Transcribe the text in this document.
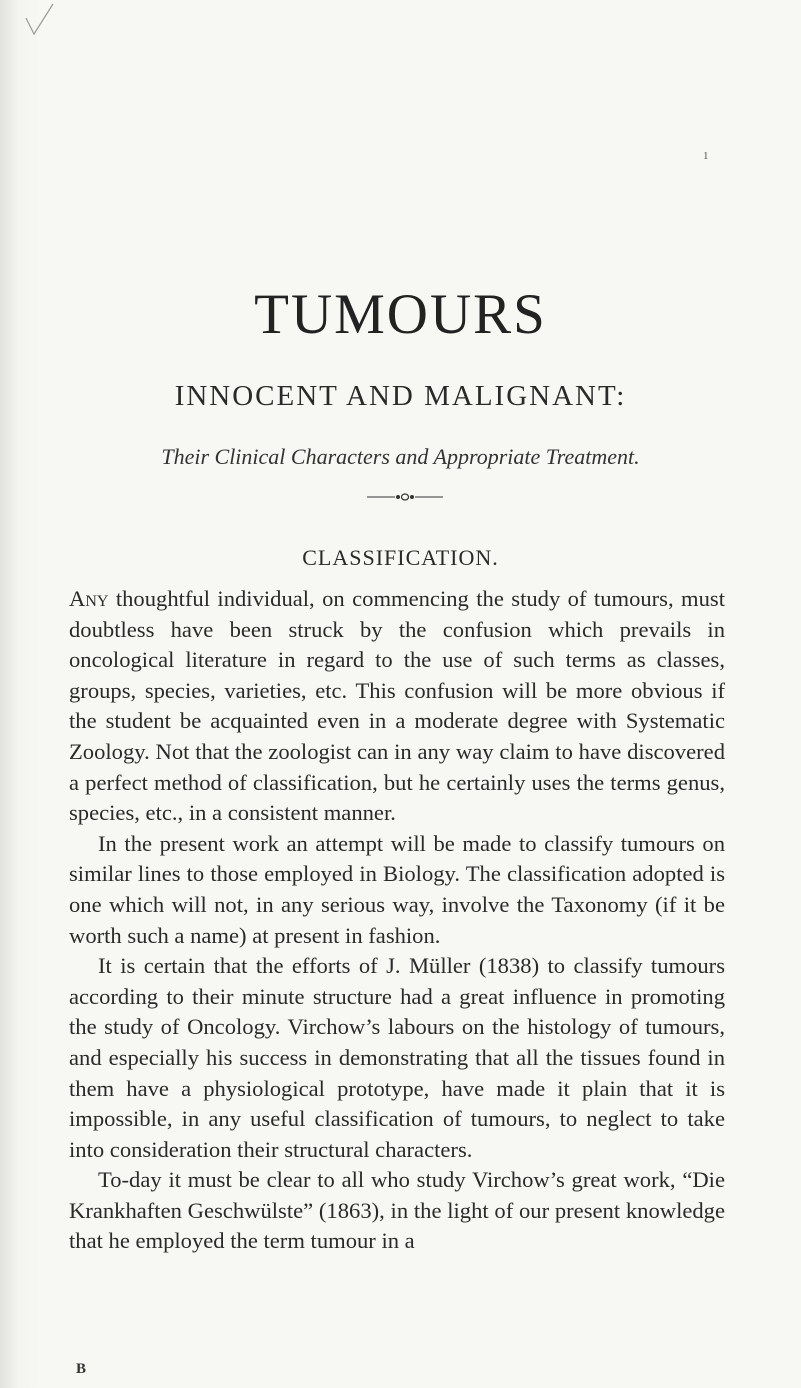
1
TUMOURS
INNOCENT AND MALIGNANT:
Their Clinical Characters and Appropriate Treatment.
CLASSIFICATION.

Any thoughtful individual, on commencing the study of tumours, must doubtless have been struck by the confusion which prevails in oncological literature in regard to the use of such terms as classes, groups, species, varieties, etc. This confusion will be more obvious if the student be acquainted even in a moderate degree with Systematic Zoology. Not that the zoologist can in any way claim to have discovered a perfect method of classification, but he certainly uses the terms genus, species, etc., in a consistent manner.

In the present work an attempt will be made to classify tumours on similar lines to those employed in Biology. The classification adopted is one which will not, in any serious way, involve the Taxonomy (if it be worth such a name) at present in fashion.

It is certain that the efforts of J. Müller (1838) to classify tumours according to their minute structure had a great influence in promoting the study of Oncology. Virchow’s labours on the histology of tumours, and especially his success in demonstrating that all the tissues found in them have a physiological prototype, have made it plain that it is impossible, in any useful classification of tumours, to neglect to take into consideration their structural characters.

To-day it must be clear to all who study Virchow’s great work, “Die Krankhaften Geschwülste” (1863), in the light of our present knowledge that he employed the term tumour in a

B
